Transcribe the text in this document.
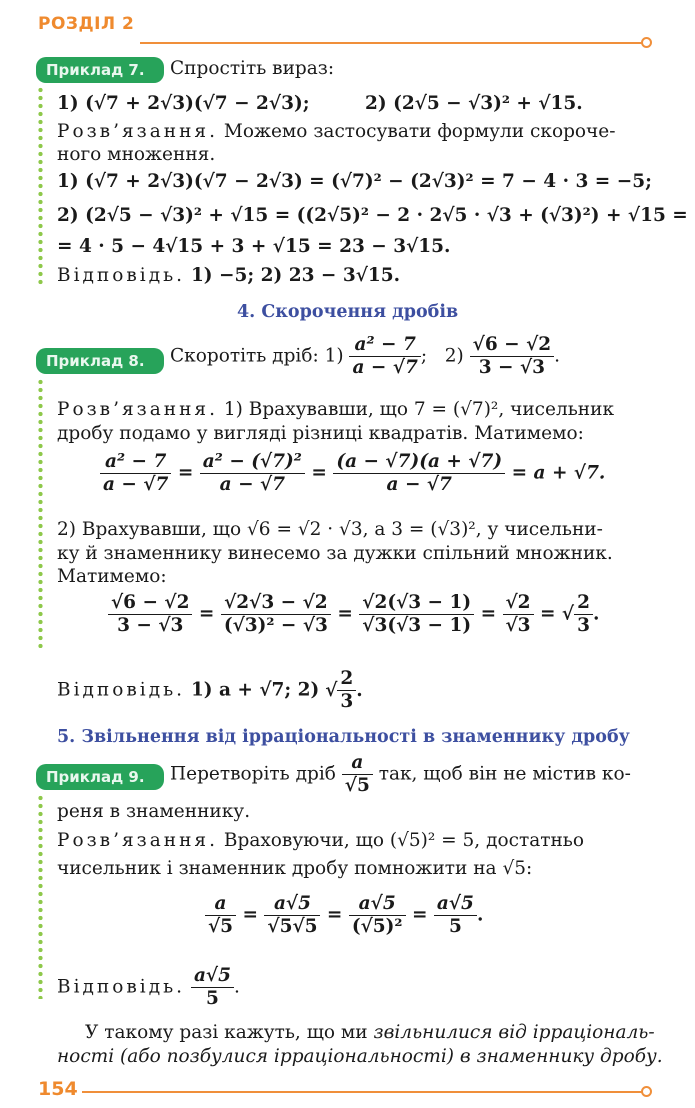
РОЗДІЛ 2
Приклад 7.	Спростіть вираз:
1) (√7 + 2√3)(√7 − 2√3);	2) (2√5 − √3)² + √15.
Розв’язання. Можемо застосувати формули скороче-
ного множення.
1) (√7 + 2√3)(√7 − 2√3) = (√7)² − (2√3)² = 7 − 4 · 3 = −5;
2) (2√5 − √3)² + √15 = ((2√5)² − 2 · 2√5 · √3 + (√3)²) + √15 =
= 4 · 5 − 4√15 + 3 + √15 = 23 − 3√15.
Відповідь. 1) −5; 2) 23 − 3√15.
4. Скорочення дробів
Приклад 8.	Скоротіть дріб: $1) \frac{\text{a² − 7}}{a - √7}$ ; $2) \frac{√6 - √2}{3 - √3}$ .
Розв’язання. 1) Врахувавши, що 7 = (√7)², чисельник
дробу подамо у вигляді різниці квадратів. Матимемо:
$\frac{\text{a² − 7}}{a - √7} = \frac{\text{a² − (√7)²}}{a - √7} = \frac{(a - √7)(a + √7)}{a - √7} = a + √7$.
2) Врахувавши, що √6 = √2 · √3, а 3 = (√3)², у чисельни-
ку й знаменнику винесемо за дужки спільний множник.
Матимемо:
$\frac{√6 - √2}{3 - √3} = \frac{√2√3 - √2}{\text{(√3)² − √3}} = \frac{√2(√3 - 1)}{√3(√3 - 1)} = \frac{√2}{√3}$ = √ $\frac{2}{3}$ .
Відповідь. 1) a + √7; 2) √ $\frac{2}{3}$ .
5. Звільнення від ірраціональності в знаменнику дробу
Приклад 9.	Перетворіть дріб $\frac{a}{√5}$ так, щоб він не містив ко-
реня в знаменнику.
Розв’язання. Враховуючи, що (√5)² = 5, достатньо
чисельник і знаменник дробу помножити на √5:
$\frac{a}{√5} = \frac{a√5}{√5√5} = \frac{a√5}{\text{(√5)²}} = \frac{a√5}{5}$ .
Відповідь. $\frac{a√5}{5}$ .
У такому разі кажуть, що ми звільнилися від ірраціональ-
ності (або позбулися ірраціональності) в знаменнику дробу.
154
